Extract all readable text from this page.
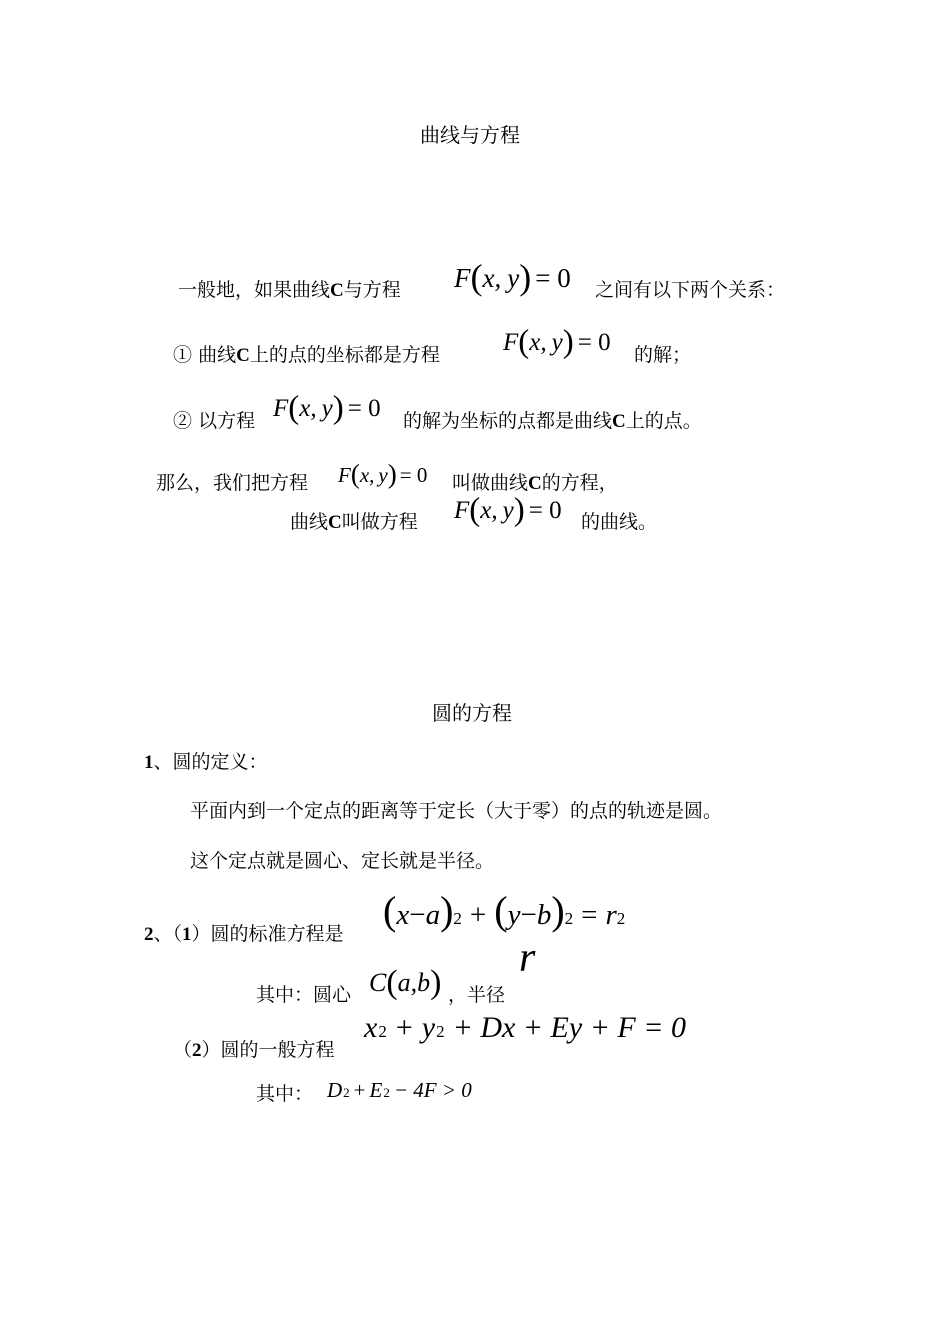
曲线与方程
一般地，如果曲线C与方程 F ( x, y ) = 0 之间有以下两个关系：
① 曲线C上的点的坐标都是方程	F ( x, y ) = 0 的解；
② 以方程 F ( x, y ) = 0 的解为坐标的点都是曲线C上的点。
那么，我们把方程 F ( x, y ) = 0 叫做曲线C的方程，
曲线C叫做方程 F ( x, y ) = 0 的曲线。
圆的方程
1、圆的定义：
平面内到一个定点的距离等于定长（大于零）的点的轨迹是圆。
这个定点就是圆心、定长就是半径。
2、（1）圆的标准方程是
( x − a ) 2 + ( y − b ) 2 = r 2
其中：圆心 C ( a, b ) ，半径
r
（2）圆的一般方程
x 2 + y 2 + Dx + Ey + F = 0
其中： D 2 + E 2 − 4F > 0
